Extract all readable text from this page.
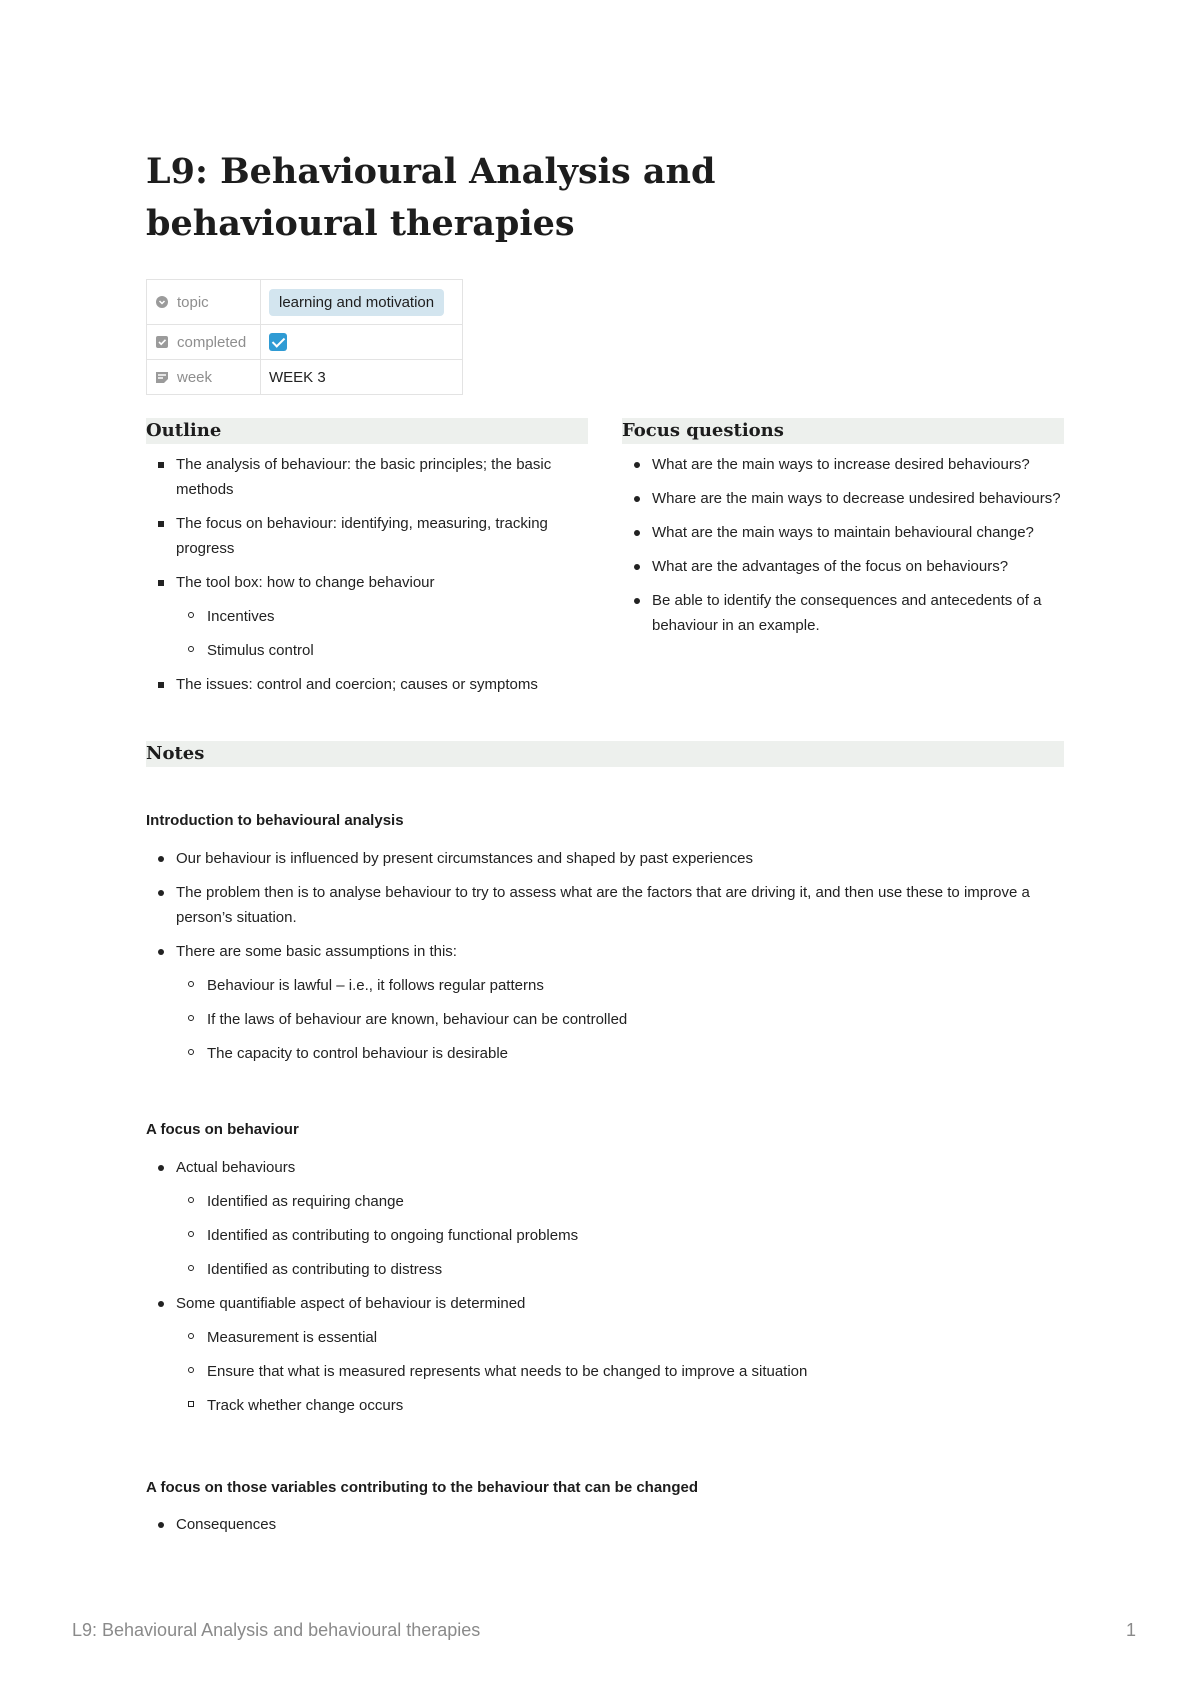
L9: Behavioural Analysis and behavioural therapies
topic	learning and motivation
completed	
week	WEEK 3
Outline
The analysis of behaviour: the basic principles; the basic methods
The focus on behaviour: identifying, measuring, tracking progress
The tool box: how to change behaviour
Incentives
Stimulus control
The issues: control and coercion; causes or symptoms
Focus questions
What are the main ways to increase desired behaviours?
Whare are the main ways to decrease undesired behaviours?
What are the main ways to maintain behavioural change?
What are the advantages of the focus on behaviours?
Be able to identify the consequences and antecedents of a behaviour in an example.
Notes
Introduction to behavioural analysis
Our behaviour is influenced by present circumstances and shaped by past experiences
The problem then is to analyse behaviour to try to assess what are the factors that are driving it, and then use these to improve a person’s situation.
There are some basic assumptions in this:
Behaviour is lawful – i.e., it follows regular patterns
If the laws of behaviour are known, behaviour can be controlled
The capacity to control behaviour is desirable
A focus on behaviour
Actual behaviours
Identified as requiring change
Identified as contributing to ongoing functional problems
Identified as contributing to distress
Some quantifiable aspect of behaviour is determined
Measurement is essential
Ensure that what is measured represents what needs to be changed to improve a situation
Track whether change occurs
A focus on those variables contributing to the behaviour that can be changed
Consequences
L9: Behavioural Analysis and behavioural therapies	1
